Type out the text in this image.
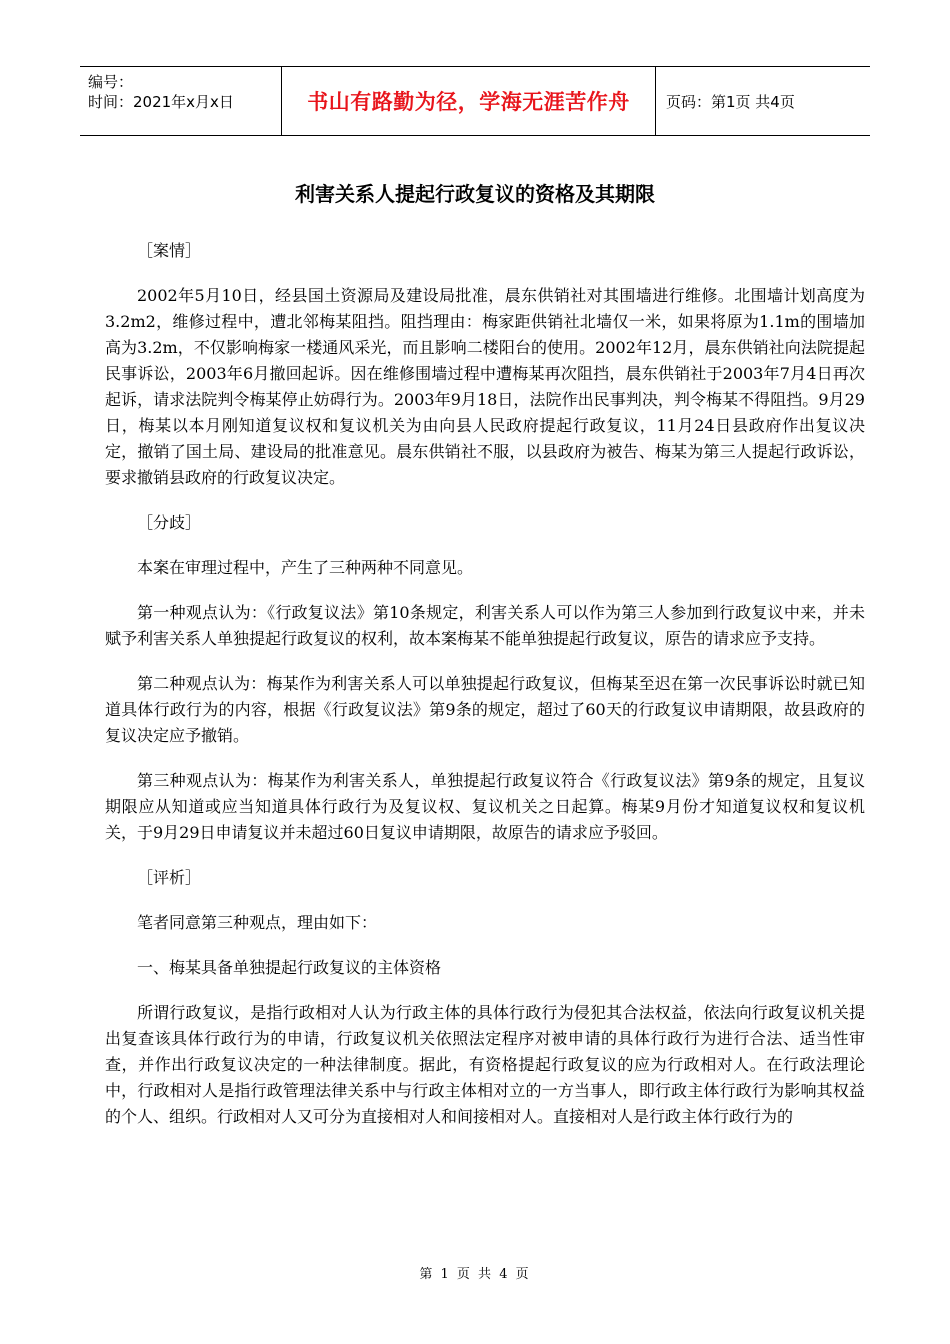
编号：
时间：2021年x月x日	书山有路勤为径，学海无涯苦作舟	页码：第1页 共4页
利害关系人提起行政复议的资格及其期限

［案情］

2002年5月10日，经县国土资源局及建设局批准，晨东供销社对其围墙进行维修。北围墙计划高度为3.2m2，维修过程中，遭北邻梅某阻挡。阻挡理由：梅家距供销社北墙仅一米，如果将原为1.1m的围墙加高为3.2m，不仅影响梅家一楼通风采光，而且影响二楼阳台的使用。2002年12月，晨东供销社向法院提起民事诉讼，2003年6月撤回起诉。因在维修围墙过程中遭梅某再次阻挡，晨东供销社于2003年7月4日再次起诉，请求法院判令梅某停止妨碍行为。2003年9月18日，法院作出民事判决，判令梅某不得阻挡。9月29日，梅某以本月刚知道复议权和复议机关为由向县人民政府提起行政复议，11月24日县政府作出复议决定，撤销了国土局、建设局的批准意见。晨东供销社不服，以县政府为被告、梅某为第三人提起行政诉讼，要求撤销县政府的行政复议决定。

［分歧］

本案在审理过程中，产生了三种两种不同意见。

第一种观点认为：《行政复议法》第10条规定，利害关系人可以作为第三人参加到行政复议中来，并未赋予利害关系人单独提起行政复议的权利，故本案梅某不能单独提起行政复议，原告的请求应予支持。

第二种观点认为：梅某作为利害关系人可以单独提起行政复议，但梅某至迟在第一次民事诉讼时就已知道具体行政行为的内容，根据《行政复议法》第9条的规定，超过了60天的行政复议申请期限，故县政府的复议决定应予撤销。

第三种观点认为：梅某作为利害关系人，单独提起行政复议符合《行政复议法》第9条的规定，且复议期限应从知道或应当知道具体行政行为及复议权、复议机关之日起算。梅某9月份才知道复议权和复议机关，于9月29日申请复议并未超过60日复议申请期限，故原告的请求应予驳回。

［评析］

笔者同意第三种观点，理由如下：

一、梅某具备单独提起行政复议的主体资格

所谓行政复议，是指行政相对人认为行政主体的具体行政行为侵犯其合法权益，依法向行政复议机关提出复查该具体行政行为的申请，行政复议机关依照法定程序对被申请的具体行政行为进行合法、适当性审查，并作出行政复议决定的一种法律制度。据此，有资格提起行政复议的应为行政相对人。在行政法理论中，行政相对人是指行政管理法律关系中与行政主体相对立的一方当事人，即行政主体行政行为影响其权益的个人、组织。行政相对人又可分为直接相对人和间接相对人。直接相对人是行政主体行政行为的

第 1 页 共 4 页
